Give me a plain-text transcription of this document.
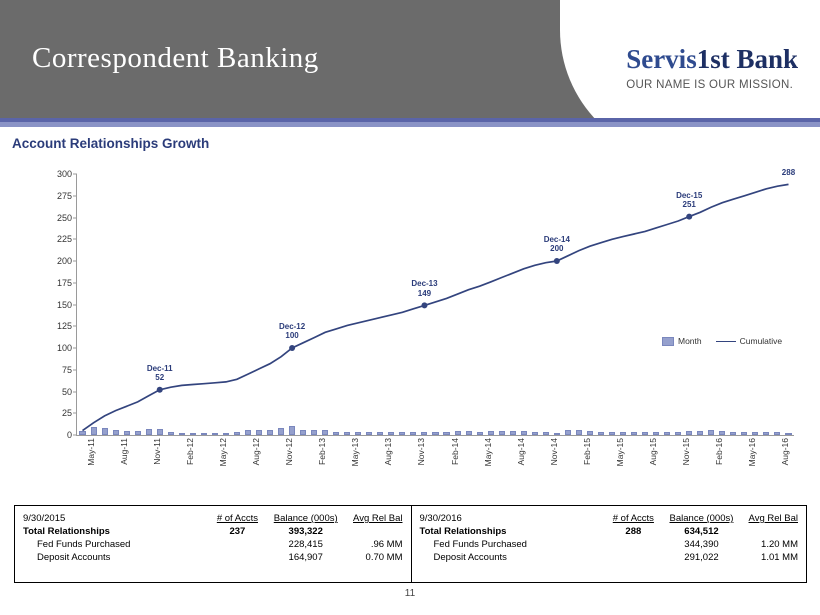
Correspondent Banking	Servis1st Bank
OUR NAME IS OUR MISSION.
Account Relationships Growth
0
25
50
75
100
125
150
175
200
225
250
275
300
Dec-11
52
Dec-12
100
Dec-13
149
Dec-14
200
Dec-15
251
288
May-11	Aug-11	Nov-11	Feb-12	May-12	Aug-12	Nov-12	Feb-13	May-13	Aug-13	Nov-13	Feb-14	May-14	Aug-14	Nov-14	Feb-15	May-15	Aug-15	Nov-15	Feb-16	May-16	Aug-16
Month	Cumulative
9/30/2015	# of Accts	Balance (000s)	Avg Rel Bal
Total Relationships	237	393,322	
Fed Funds Purchased		228,415	.96 MM
Deposit Accounts		164,907	0.70 MM
9/30/2016	# of Accts	Balance (000s)	Avg Rel Bal
Total Relationships	288	634,512	
Fed Funds Purchased		344,390	1.20 MM
Deposit Accounts		291,022	1.01 MM
11
